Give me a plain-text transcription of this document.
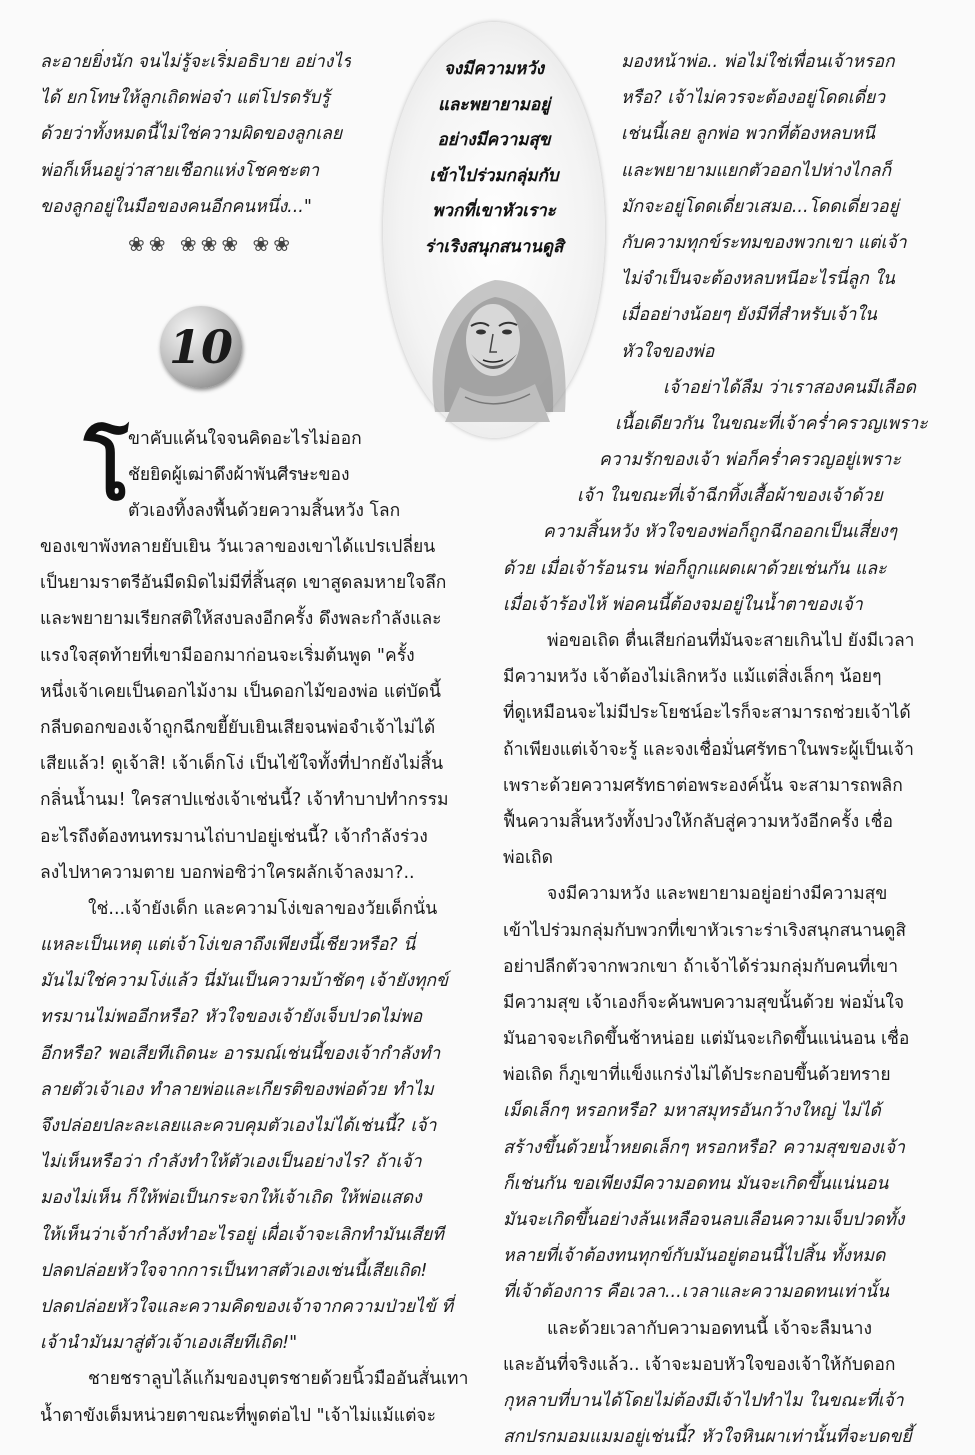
ละอายยิ่งนัก จนไม่รู้จะเริ่มอธิบาย อย่างไร
ได้ ยกโทษให้ลูกเถิดพ่อจ๋า แต่โปรดรับรู้
ด้วยว่าทั้งหมดนี้ไม่ใช่ความผิดของลูกเลย
พ่อก็เห็นอยู่ว่าสายเชือกแห่งโชคชะตา
ของลูกอยู่ในมือของคนอีกคนหนึ่ง..."
❀❀ ❀❀❀ ❀❀
10
จงมีความหวัง
และพยายามอยู่
อย่างมีความสุข
เข้าไปร่วมกลุ่มกับ
พวกที่เขาหัวเราะ
ร่าเริงสนุกสนานดูสิ
โ
ขาคับแค้นใจจนคิดอะไรไม่ออก
ชัยยิดผู้เฒ่าดึงผ้าพันศีรษะของ
ตัวเองทิ้งลงพื้นด้วยความสิ้นหวัง โลก
ของเขาพังทลายยับเยิน วันเวลาของเขาได้แปรเปลี่ยน
เป็นยามราตรีอันมืดมิดไม่มีที่สิ้นสุด เขาสูดลมหายใจลึก
และพยายามเรียกสติให้สงบลงอีกครั้ง ดึงพละกำลังและ
แรงใจสุดท้ายที่เขามีออกมาก่อนจะเริ่มต้นพูด "ครั้ง
หนึ่งเจ้าเคยเป็นดอกไม้งาม เป็นดอกไม้ของพ่อ แต่บัดนี้
กลีบดอกของเจ้าถูกฉีกขยี้ยับเยินเสียจนพ่อจำเจ้าไม่ได้
เสียแล้ว! ดูเจ้าสิ! เจ้าเด็กโง่ เป็นไข้ใจทั้งที่ปากยังไม่สิ้น
กลิ่นน้ำนม! ใครสาปแช่งเจ้าเช่นนี้? เจ้าทำบาปทำกรรม
อะไรถึงต้องทนทรมานไถ่บาปอยู่เช่นนี้? เจ้ากำลังร่วง
ลงไปหาความตาย บอกพ่อซิว่าใครผลักเจ้าลงมา?..
ใช่...เจ้ายังเด็ก และความโง่เขลาของวัยเด็กนั่น
แหละเป็นเหตุ แต่เจ้าโง่เขลาถึงเพียงนี้เชียวหรือ? นี่
มันไม่ใช่ความโง่แล้ว นี่มันเป็นความบ้าชัดๆ เจ้ายังทุกข์
ทรมานไม่พออีกหรือ? หัวใจของเจ้ายังเจ็บปวดไม่พอ
อีกหรือ? พอเสียทีเถิดนะ อารมณ์เช่นนี้ของเจ้ากำลังทำ
ลายตัวเจ้าเอง ทำลายพ่อและเกียรติของพ่อด้วย ทำไม
จึงปล่อยปละละเลยและควบคุมตัวเองไม่ได้เช่นนี้? เจ้า
ไม่เห็นหรือว่า กำลังทำให้ตัวเองเป็นอย่างไร? ถ้าเจ้า
มองไม่เห็น ก็ให้พ่อเป็นกระจกให้เจ้าเถิด ให้พ่อแสดง
ให้เห็นว่าเจ้ากำลังทำอะไรอยู่ เผื่อเจ้าจะเลิกทำมันเสียที
ปลดปล่อยหัวใจจากการเป็นทาสตัวเองเช่นนี้เสียเถิด!
ปลดปล่อยหัวใจและความคิดของเจ้าจากความป่วยไข้ ที่
เจ้านำมันมาสู่ตัวเจ้าเองเสียทีเถิด!"
ชายชราลูบไล้แก้มของบุตรชายด้วยนิ้วมืออันสั่นเทา
น้ำตาขังเต็มหน่วยตาขณะที่พูดต่อไป "เจ้าไม่แม้แต่จะ
มองหน้าพ่อ.. พ่อไม่ใช่เพื่อนเจ้าหรอก
หรือ? เจ้าไม่ควรจะต้องอยู่โดดเดี่ยว
เช่นนี้เลย ลูกพ่อ พวกที่ต้องหลบหนี
และพยายามแยกตัวออกไปห่างไกลก็
มักจะอยู่โดดเดี่ยวเสมอ...โดดเดี่ยวอยู่
กับความทุกข์ระทมของพวกเขา แต่เจ้า
ไม่จำเป็นจะต้องหลบหนีอะไรนี่ลูก ใน
เมื่ออย่างน้อยๆ ยังมีที่สำหรับเจ้าใน
หัวใจของพ่อ
เจ้าอย่าได้ลืม ว่าเราสองคนมีเลือด
เนื้อเดียวกัน ในขณะที่เจ้าคร่ำครวญเพราะ
ความรักของเจ้า พ่อก็คร่ำครวญอยู่เพราะ
เจ้า ในขณะที่เจ้าฉีกทิ้งเสื้อผ้าของเจ้าด้วย
ความสิ้นหวัง หัวใจของพ่อก็ถูกฉีกออกเป็นเสี่ยงๆ
ด้วย เมื่อเจ้าร้อนรน พ่อก็ถูกแผดเผาด้วยเช่นกัน และ
เมื่อเจ้าร้องไห้ พ่อคนนี้ต้องจมอยู่ในน้ำตาของเจ้า
พ่อขอเถิด ตื่นเสียก่อนที่มันจะสายเกินไป ยังมีเวลา
มีความหวัง เจ้าต้องไม่เลิกหวัง แม้แต่สิ่งเล็กๆ น้อยๆ
ที่ดูเหมือนจะไม่มีประโยชน์อะไรก็จะสามารถช่วยเจ้าได้
ถ้าเพียงแต่เจ้าจะรู้ และจงเชื่อมั่นศรัทธาในพระผู้เป็นเจ้า
เพราะด้วยความศรัทธาต่อพระองค์นั้น จะสามารถพลิก
ฟื้นความสิ้นหวังทั้งปวงให้กลับสู่ความหวังอีกครั้ง เชื่อ
พ่อเถิด
จงมีความหวัง และพยายามอยู่อย่างมีความสุข
เข้าไปร่วมกลุ่มกับพวกที่เขาหัวเราะร่าเริงสนุกสนานดูสิ
อย่าปลีกตัวจากพวกเขา ถ้าเจ้าได้ร่วมกลุ่มกับคนที่เขา
มีความสุข เจ้าเองก็จะค้นพบความสุขนั้นด้วย พ่อมั่นใจ
มันอาจจะเกิดขึ้นช้าหน่อย แต่มันจะเกิดขึ้นแน่นอน เชื่อ
พ่อเถิด ก็ภูเขาที่แข็งแกร่งไม่ได้ประกอบขึ้นด้วยทราย
เม็ดเล็กๆ หรอกหรือ? มหาสมุทรอันกว้างใหญ่ ไม่ได้
สร้างขึ้นด้วยน้ำหยดเล็กๆ หรอกหรือ? ความสุขของเจ้า
ก็เช่นกัน ขอเพียงมีความอดทน มันจะเกิดขึ้นแน่นอน
มันจะเกิดขึ้นอย่างล้นเหลือจนลบเลือนความเจ็บปวดทั้ง
หลายที่เจ้าต้องทนทุกข์กับมันอยู่ตอนนี้ไปสิ้น ทั้งหมด
ที่เจ้าต้องการ คือเวลา...เวลาและความอดทนเท่านั้น
และด้วยเวลากับความอดทนนี้ เจ้าจะลืมนาง
และอันที่จริงแล้ว.. เจ้าจะมอบหัวใจของเจ้าให้กับดอก
กุหลาบที่บานได้โดยไม่ต้องมีเจ้าไปทำไม ในขณะที่เจ้า
สกปรกมอมแมมอยู่เช่นนี้? หัวใจหินผาเท่านั้นที่จะบดขยี้
